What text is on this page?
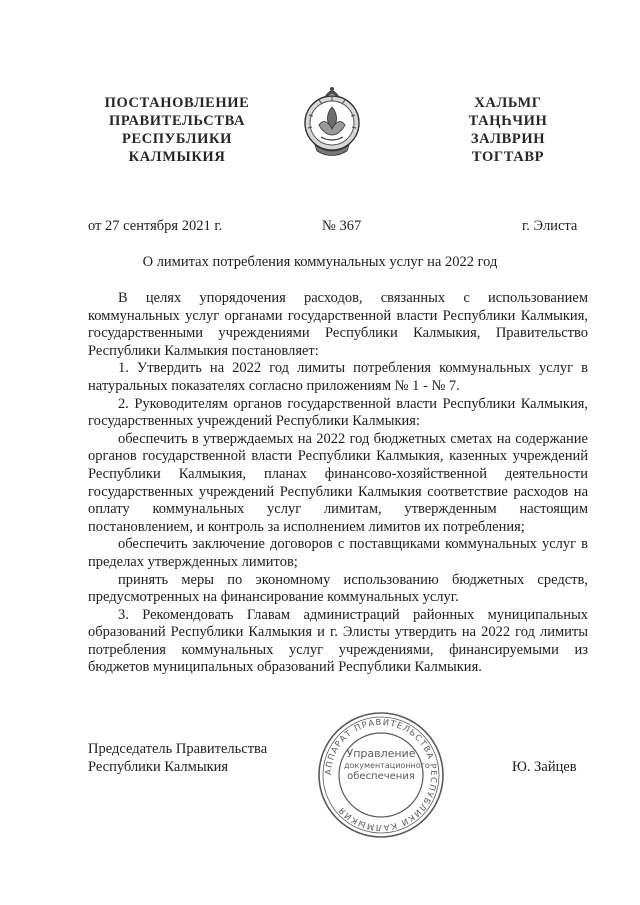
ПОСТАНОВЛЕНИЕ
ПРАВИТЕЛЬСТВА
РЕСПУБЛИКИ
КАЛМЫКИЯ
ХАЛЬМГ
ТАҢҺЧИН
ЗАЛВРИН
ТОГТАВР
от 27 сентября 2021 г.	№ 367	г. Элиста
О лимитах потребления коммунальных услуг на 2022 год

В целях упорядочения расходов, связанных с использованием коммунальных услуг органами государственной власти Республики Калмыкия, государственными учреждениями Республики Калмыкия, Правительство Республики Калмыкия постановляет:

1. Утвердить на 2022 год лимиты потребления коммунальных услуг в натуральных показателях согласно приложениям № 1 - № 7.

2. Руководителям органов государственной власти Республики Калмыкия, государственных учреждений Республики Калмыкия:

обеспечить в утверждаемых на 2022 год бюджетных сметах на содержание органов государственной власти Республики Калмыкия, казенных учреждений Республики Калмыкия, планах финансово-хозяйственной деятельности государственных учреждений Республики Калмыкия соответствие расходов на оплату коммунальных услуг лимитам, утвержденным настоящим постановлением, и контроль за исполнением лимитов их потребления;

обеспечить заключение договоров с поставщиками коммунальных услуг в пределах утвержденных лимитов;

принять меры по экономному использованию бюджетных средств, предусмотренных на финансирование коммунальных услуг.

3. Рекомендовать Главам администраций районных муниципальных образований Республики Калмыкия и г. Элисты утвердить на 2022 год лимиты потребления коммунальных услуг учреждениями, финансируемыми из бюджетов муниципальных образований Республики Калмыкия.

Председатель Правительства
Республики Калмыкия	Ю. Зайцев
АППАРАТ ПРАВИТЕЛЬСТВА РЕСПУБЛИКИ КАЛМЫКИЯ
Управление
документационного
обеспечения
